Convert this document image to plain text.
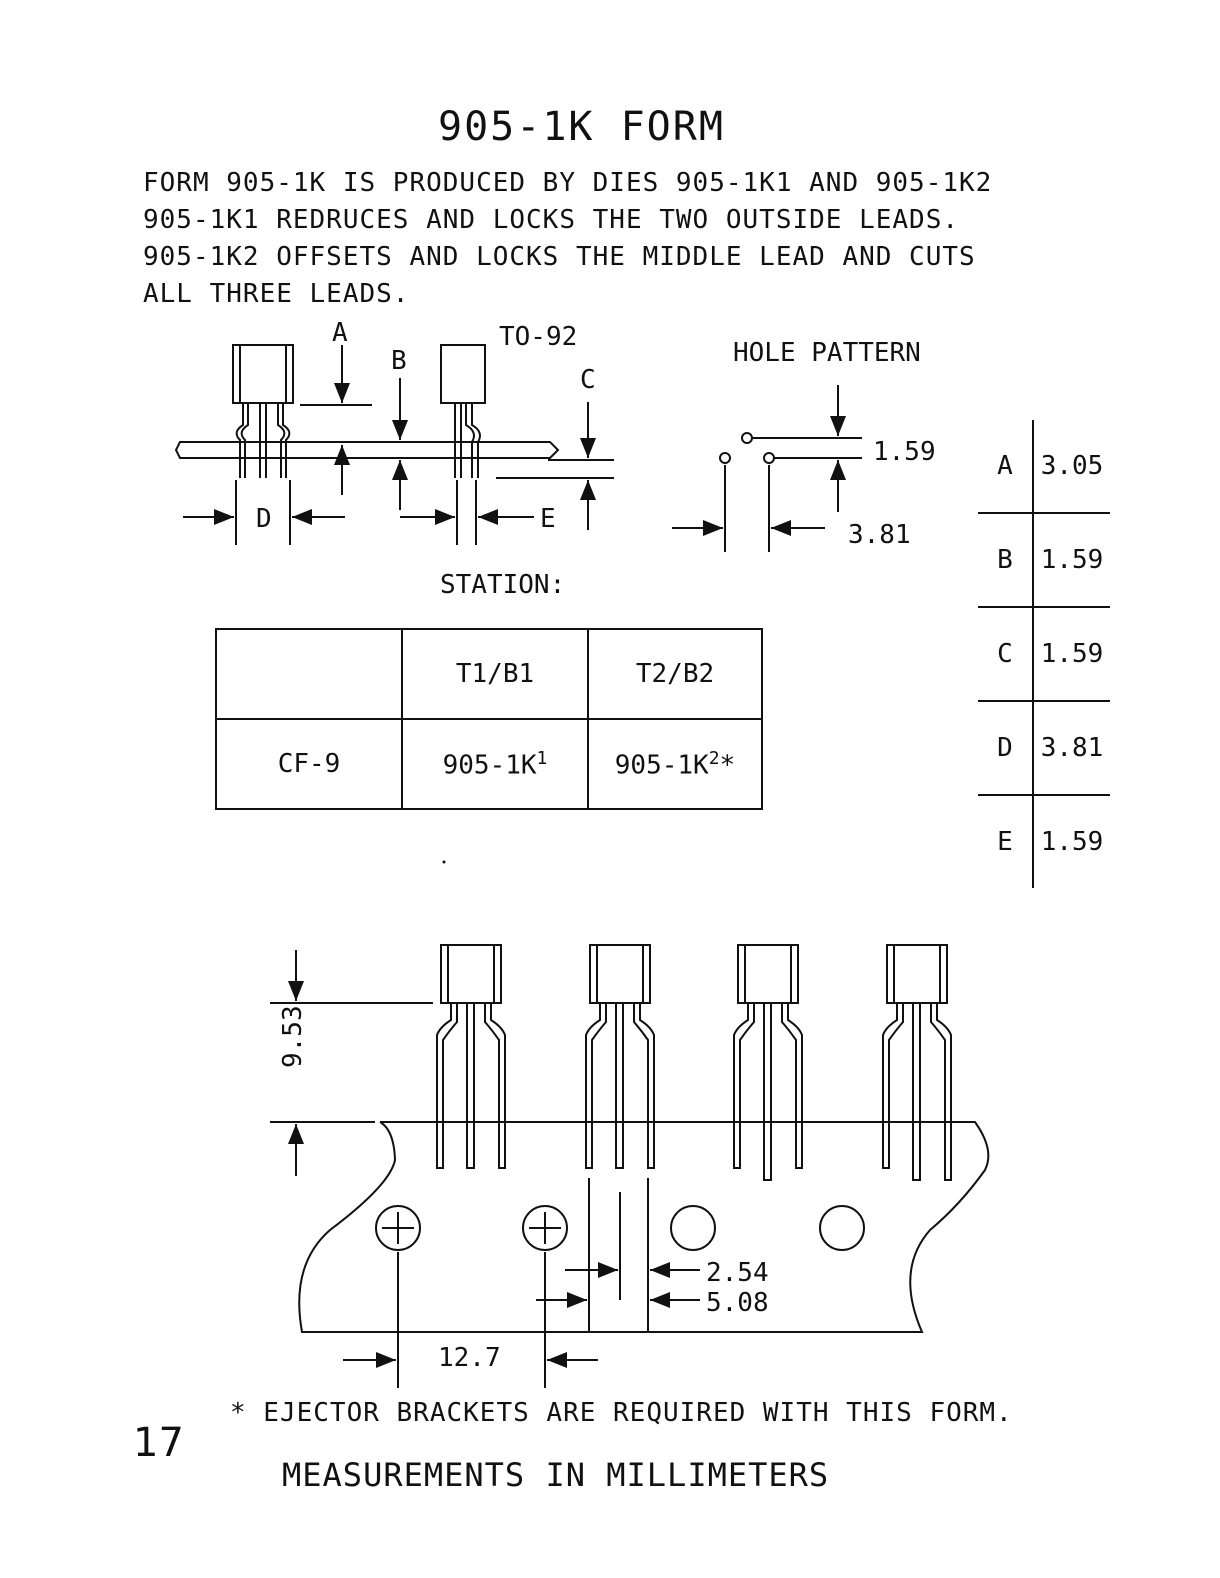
905-1K FORM
FORM 905-1K IS PRODUCED BY DIES 905-1K1 AND 905-1K2
905-1K1 REDRUCES AND LOCKS THE TWO OUTSIDE LEADS.
905-1K2 OFFSETS AND LOCKS THE MIDDLE LEAD AND CUTS
ALL THREE LEADS.
A
B
C
D	E
TO-92
HOLE PATTERN
1.59
3.81
STATION:
	T1/B1	T2/B2
CF-9	$905-1K^1$	$905-1K^2*$
A	3.05
B	1.59
C	1.59
D	3.81
E	1.59
9.53
2.54
5.08
12.7
* EJECTOR BRACKETS ARE REQUIRED WITH THIS FORM.
17
MEASUREMENTS IN MILLIMETERS
